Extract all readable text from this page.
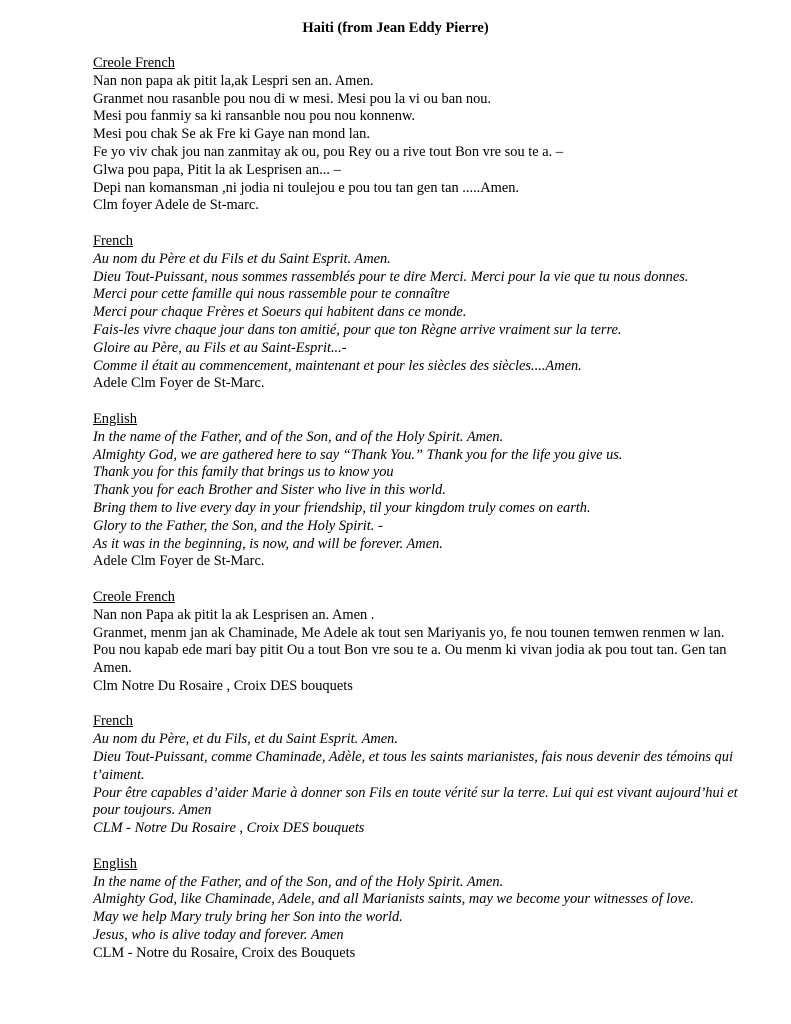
Haiti (from Jean Eddy Pierre)
Creole French
Nan non papa ak pitit la,ak Lespri sen an. Amen.
Granmet nou rasanble pou nou di w mesi. Mesi pou la vi ou ban nou.
Mesi pou fanmiy sa ki ransanble nou pou nou konnenw.
Mesi pou chak Se ak Fre ki Gaye nan mond lan.
Fe yo viv chak jou nan zanmitay ak ou, pou Rey ou a rive tout Bon vre sou te a. –
Glwa pou papa, Pitit la ak Lesprisen an... –
Depi nan komansman ,ni jodia ni toulejou e pou tou tan gen tan .....Amen.
Clm foyer Adele de St-marc.
French
Au nom du Père et du Fils et du Saint Esprit. Amen.
Dieu Tout-Puissant, nous sommes rassemblés pour te dire Merci. Merci pour la vie que tu nous donnes.
Merci pour cette famille qui nous rassemble pour te connaître
Merci pour chaque Frères et Soeurs qui habitent dans ce monde.
Fais-les vivre chaque jour dans ton amitié, pour que ton Règne arrive vraiment sur la terre.
Gloire au Père, au Fils et au Saint-Esprit...-
Comme il était au commencement, maintenant et pour les siècles des siècles....Amen.
Adele Clm Foyer de St-Marc.
English
In the name of the Father, and of the Son, and of the Holy Spirit. Amen.
Almighty God, we are gathered here to say “Thank You.” Thank you for the life you give us.
Thank you for this family that brings us to know you
Thank you for each Brother and Sister who live in this world.
Bring them to live every day in your friendship, til your kingdom truly comes on earth.
Glory to the Father, the Son, and the Holy Spirit. -
As it was in the beginning, is now, and will be forever. Amen.
Adele Clm Foyer de St-Marc.
Creole French
Nan non Papa ak pitit la ak Lesprisen an. Amen .
Granmet, menm jan ak Chaminade, Me Adele ak tout sen Mariyanis yo, fe nou tounen temwen renmen w lan.
Pou nou kapab ede mari bay pitit Ou a tout Bon vre sou te a. Ou menm ki vivan jodia ak pou tout tan. Gen tan Amen.
Clm Notre Du Rosaire , Croix DES bouquets
French
Au nom du Père, et du Fils, et du Saint Esprit. Amen.
Dieu Tout-Puissant, comme Chaminade, Adèle, et tous les saints marianistes, fais nous devenir des témoins qui t’aiment.
Pour être capables d’aider Marie à donner son Fils en toute vérité sur la terre. Lui qui est vivant aujourd’hui et pour toujours. Amen
CLM - Notre Du Rosaire , Croix DES bouquets
English
In the name of the Father, and of the Son, and of the Holy Spirit. Amen.
Almighty God, like Chaminade, Adele, and all Marianists saints, may we become your witnesses of love.
May we help Mary truly bring her Son into the world.
Jesus, who is alive today and forever. Amen
CLM - Notre du Rosaire, Croix des Bouquets
